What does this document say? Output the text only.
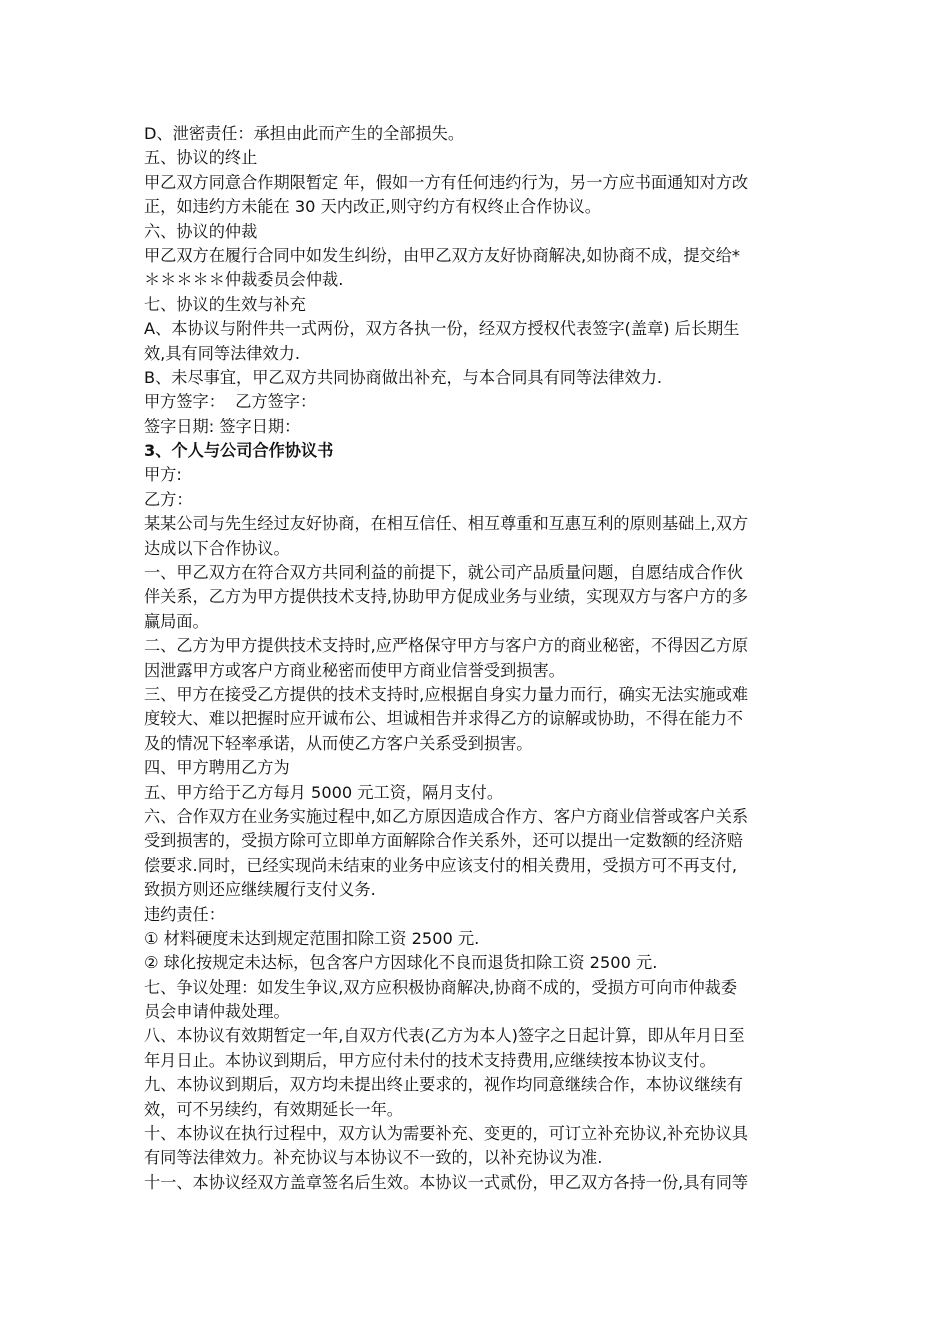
D、泄密责任：承担由此而产生的全部损失。
五、协议的终止
甲乙双方同意合作期限暂定 年，假如一方有任何违约行为，另一方应书面通知对方改
正，如违约方未能在 30 天内改正,则守约方有权终止合作协议。
六、协议的仲裁
甲乙双方在履行合同中如发生纠纷，由甲乙双方友好协商解决,如协商不成，提交给*
＊＊＊＊＊仲裁委员会仲裁.
七、协议的生效与补充
A、本协议与附件共一式两份，双方各执一份，经双方授权代表签字(盖章) 后长期生
效,具有同等法律效力.
B、未尽事宜，甲乙双方共同协商做出补充，与本合同具有同等法律效力.
甲方签字：  乙方签字：
签字日期: 签字日期：
3、个人与公司合作协议书
甲方:
乙方：
某某公司与先生经过友好协商，在相互信任、相互尊重和互惠互利的原则基础上,双方
达成以下合作协议。
一、甲乙双方在符合双方共同利益的前提下，就公司产品质量问题，自愿结成合作伙
伴关系，乙方为甲方提供技术支持,协助甲方促成业务与业绩，实现双方与客户方的多
赢局面。
二、乙方为甲方提供技术支持时,应严格保守甲方与客户方的商业秘密，不得因乙方原
因泄露甲方或客户方商业秘密而使甲方商业信誉受到损害。
三、甲方在接受乙方提供的技术支持时,应根据自身实力量力而行，确实无法实施或难
度较大、难以把握时应开诚布公、坦诚相告并求得乙方的谅解或协助，不得在能力不
及的情况下轻率承诺，从而使乙方客户关系受到损害。
四、甲方聘用乙方为
五、甲方给于乙方每月 5000 元工资，隔月支付。
六、合作双方在业务实施过程中,如乙方原因造成合作方、客户方商业信誉或客户关系
受到损害的，受损方除可立即单方面解除合作关系外，还可以提出一定数额的经济赔
偿要求.同时，已经实现尚未结束的业务中应该支付的相关费用，受损方可不再支付,
致损方则还应继续履行支付义务.
违约责任：
① 材料硬度未达到规定范围扣除工资 2500 元.
② 球化按规定未达标，包含客户方因球化不良而退货扣除工资 2500 元.
七、争议处理：如发生争议,双方应积极协商解决,协商不成的，受损方可向市仲裁委
员会申请仲裁处理。
八、本协议有效期暂定一年,自双方代表(乙方为本人)签字之日起计算，即从年月日至
年月日止。本协议到期后，甲方应付未付的技术支持费用,应继续按本协议支付。
九、本协议到期后，双方均未提出终止要求的，视作均同意继续合作，本协议继续有
效，可不另续约，有效期延长一年。
十、本协议在执行过程中，双方认为需要补充、变更的，可订立补充协议,补充协议具
有同等法律效力。补充协议与本协议不一致的，以补充协议为准.
十一、本协议经双方盖章签名后生效。本协议一式贰份，甲乙双方各持一份,具有同等
